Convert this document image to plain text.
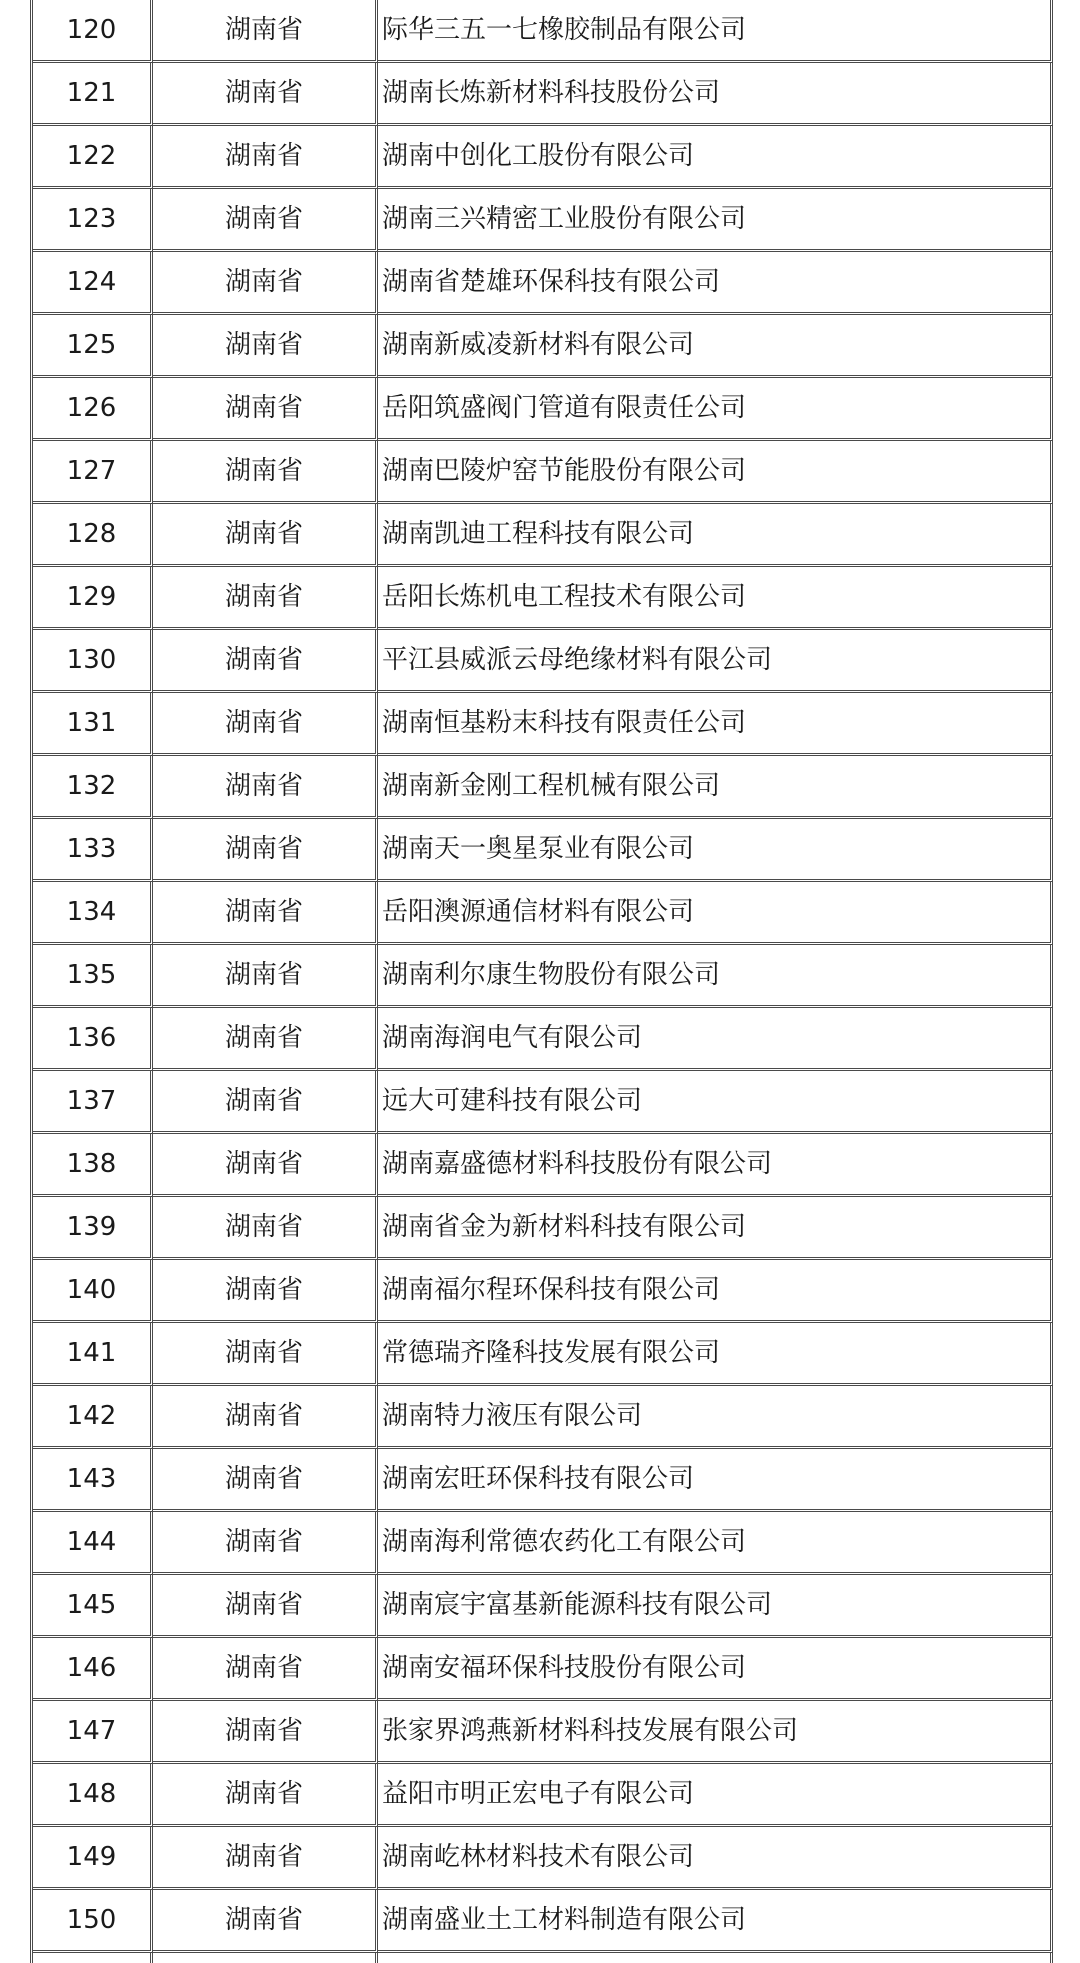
120	湖南省	际华三五一七橡胶制品有限公司
121	湖南省	湖南长炼新材料科技股份公司
122	湖南省	湖南中创化工股份有限公司
123	湖南省	湖南三兴精密工业股份有限公司
124	湖南省	湖南省楚雄环保科技有限公司
125	湖南省	湖南新威凌新材料有限公司
126	湖南省	岳阳筑盛阀门管道有限责任公司
127	湖南省	湖南巴陵炉窑节能股份有限公司
128	湖南省	湖南凯迪工程科技有限公司
129	湖南省	岳阳长炼机电工程技术有限公司
130	湖南省	平江县威派云母绝缘材料有限公司
131	湖南省	湖南恒基粉末科技有限责任公司
132	湖南省	湖南新金刚工程机械有限公司
133	湖南省	湖南天一奥星泵业有限公司
134	湖南省	岳阳澳源通信材料有限公司
135	湖南省	湖南利尔康生物股份有限公司
136	湖南省	湖南海润电气有限公司
137	湖南省	远大可建科技有限公司
138	湖南省	湖南嘉盛德材料科技股份有限公司
139	湖南省	湖南省金为新材料科技有限公司
140	湖南省	湖南福尔程环保科技有限公司
141	湖南省	常德瑞齐隆科技发展有限公司
142	湖南省	湖南特力液压有限公司
143	湖南省	湖南宏旺环保科技有限公司
144	湖南省	湖南海利常德农药化工有限公司
145	湖南省	湖南宸宇富基新能源科技有限公司
146	湖南省	湖南安福环保科技股份有限公司
147	湖南省	张家界鸿燕新材料科技发展有限公司
148	湖南省	益阳市明正宏电子有限公司
149	湖南省	湖南屹林材料技术有限公司
150	湖南省	湖南盛业土工材料制造有限公司
